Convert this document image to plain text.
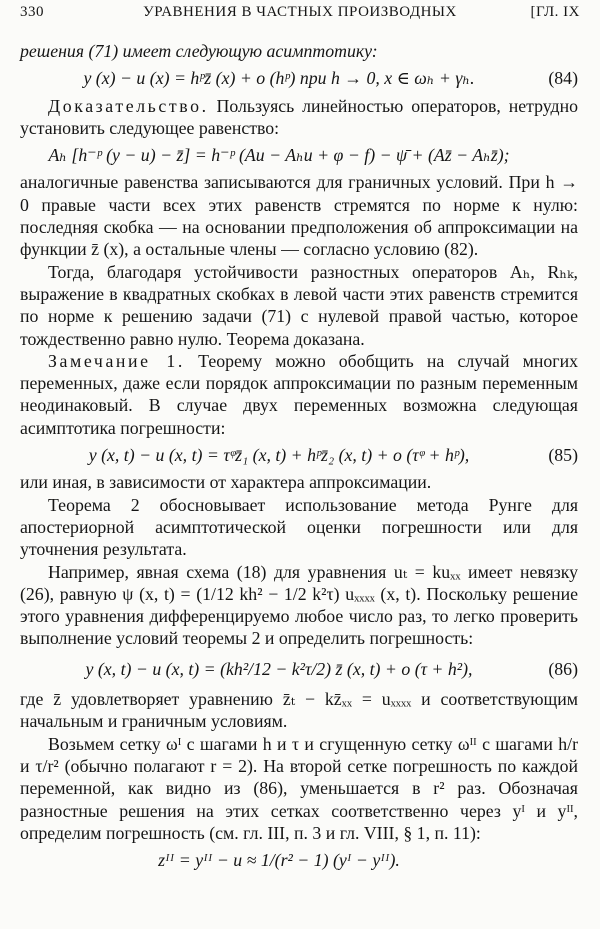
330	УРАВНЕНИЯ В ЧАСТНЫХ ПРОИЗВОДНЫХ	[ГЛ. IX

решения (71) имеет следующую асимптотику:

y (x) − u (x) = hᵖz̄ (x) + o (hᵖ) при h → 0, x ∈ ωₕ + γₕ.	(84)

Доказательство. Пользуясь линейностью операторов, нетрудно установить следующее равенство:

Aₕ [h⁻ᵖ (y − u) − z̄] = h⁻ᵖ (Au − Aₕu + φ − f) − ψ̄ + (Az̄ − Aₕz̄);

аналогичные равенства записываются для граничных условий. При h → 0 правые части всех этих равенств стремятся по норме к нулю: последняя скобка — на основании предположения об аппроксимации на функции z̄ (x), а остальные члены — согласно условию (82).

Тогда, благодаря устойчивости разностных операторов Aₕ, Rₕₖ, выражение в квадратных скобках в левой части этих равенств стремится по норме к решению задачи (71) с нулевой правой частью, которое тождественно равно нулю. Теорема доказана.

Замечание 1. Теорему можно обобщить на случай многих переменных, даже если порядок аппроксимации по разным переменным неодинаковый. В случае двух переменных возможна следующая асимптотика погрешности:

y (x, t) − u (x, t) = τᵠz̄₁ (x, t) + hᵖz̄₂ (x, t) + o (τᵠ + hᵖ),	(85)

или иная, в зависимости от характера аппроксимации.

Теорема 2 обосновывает использование метода Рунге для апостериорной асимптотической оценки погрешности или для уточнения результата.

Например, явная схема (18) для уравнения uₜ = kuₓₓ имеет невязку (26), равную ψ (x, t) = (1/12 kh² − 1/2 k²τ) uₓₓₓₓ (x, t). Поскольку решение этого уравнения дифференцируемо любое число раз, то легко проверить выполнение условий теоремы 2 и определить погрешность:

y (x, t) − u (x, t) = (kh²/12 − k²τ/2) z̄ (x, t) + o (τ + h²),	(86)

где z̄ удовлетворяет уравнению z̄ₜ − kz̄ₓₓ = uₓₓₓₓ и соответствующим начальным и граничным условиям.

Возьмем сетку ωᴵ с шагами h и τ и сгущенную сетку ωᴵᴵ с шагами h/r и τ/r² (обычно полагают r = 2). На второй сетке погрешность по каждой переменной, как видно из (86), уменьшается в r² раз. Обозначая разностные решения на этих сетках соответственно через yᴵ и yᴵᴵ, определим погрешность (см. гл. III, п. 3 и гл. VIII, § 1, п. 11):

zᴵᴵ = yᴵᴵ − u ≈ 1/(r² − 1) (yᴵ − yᴵᴵ).
